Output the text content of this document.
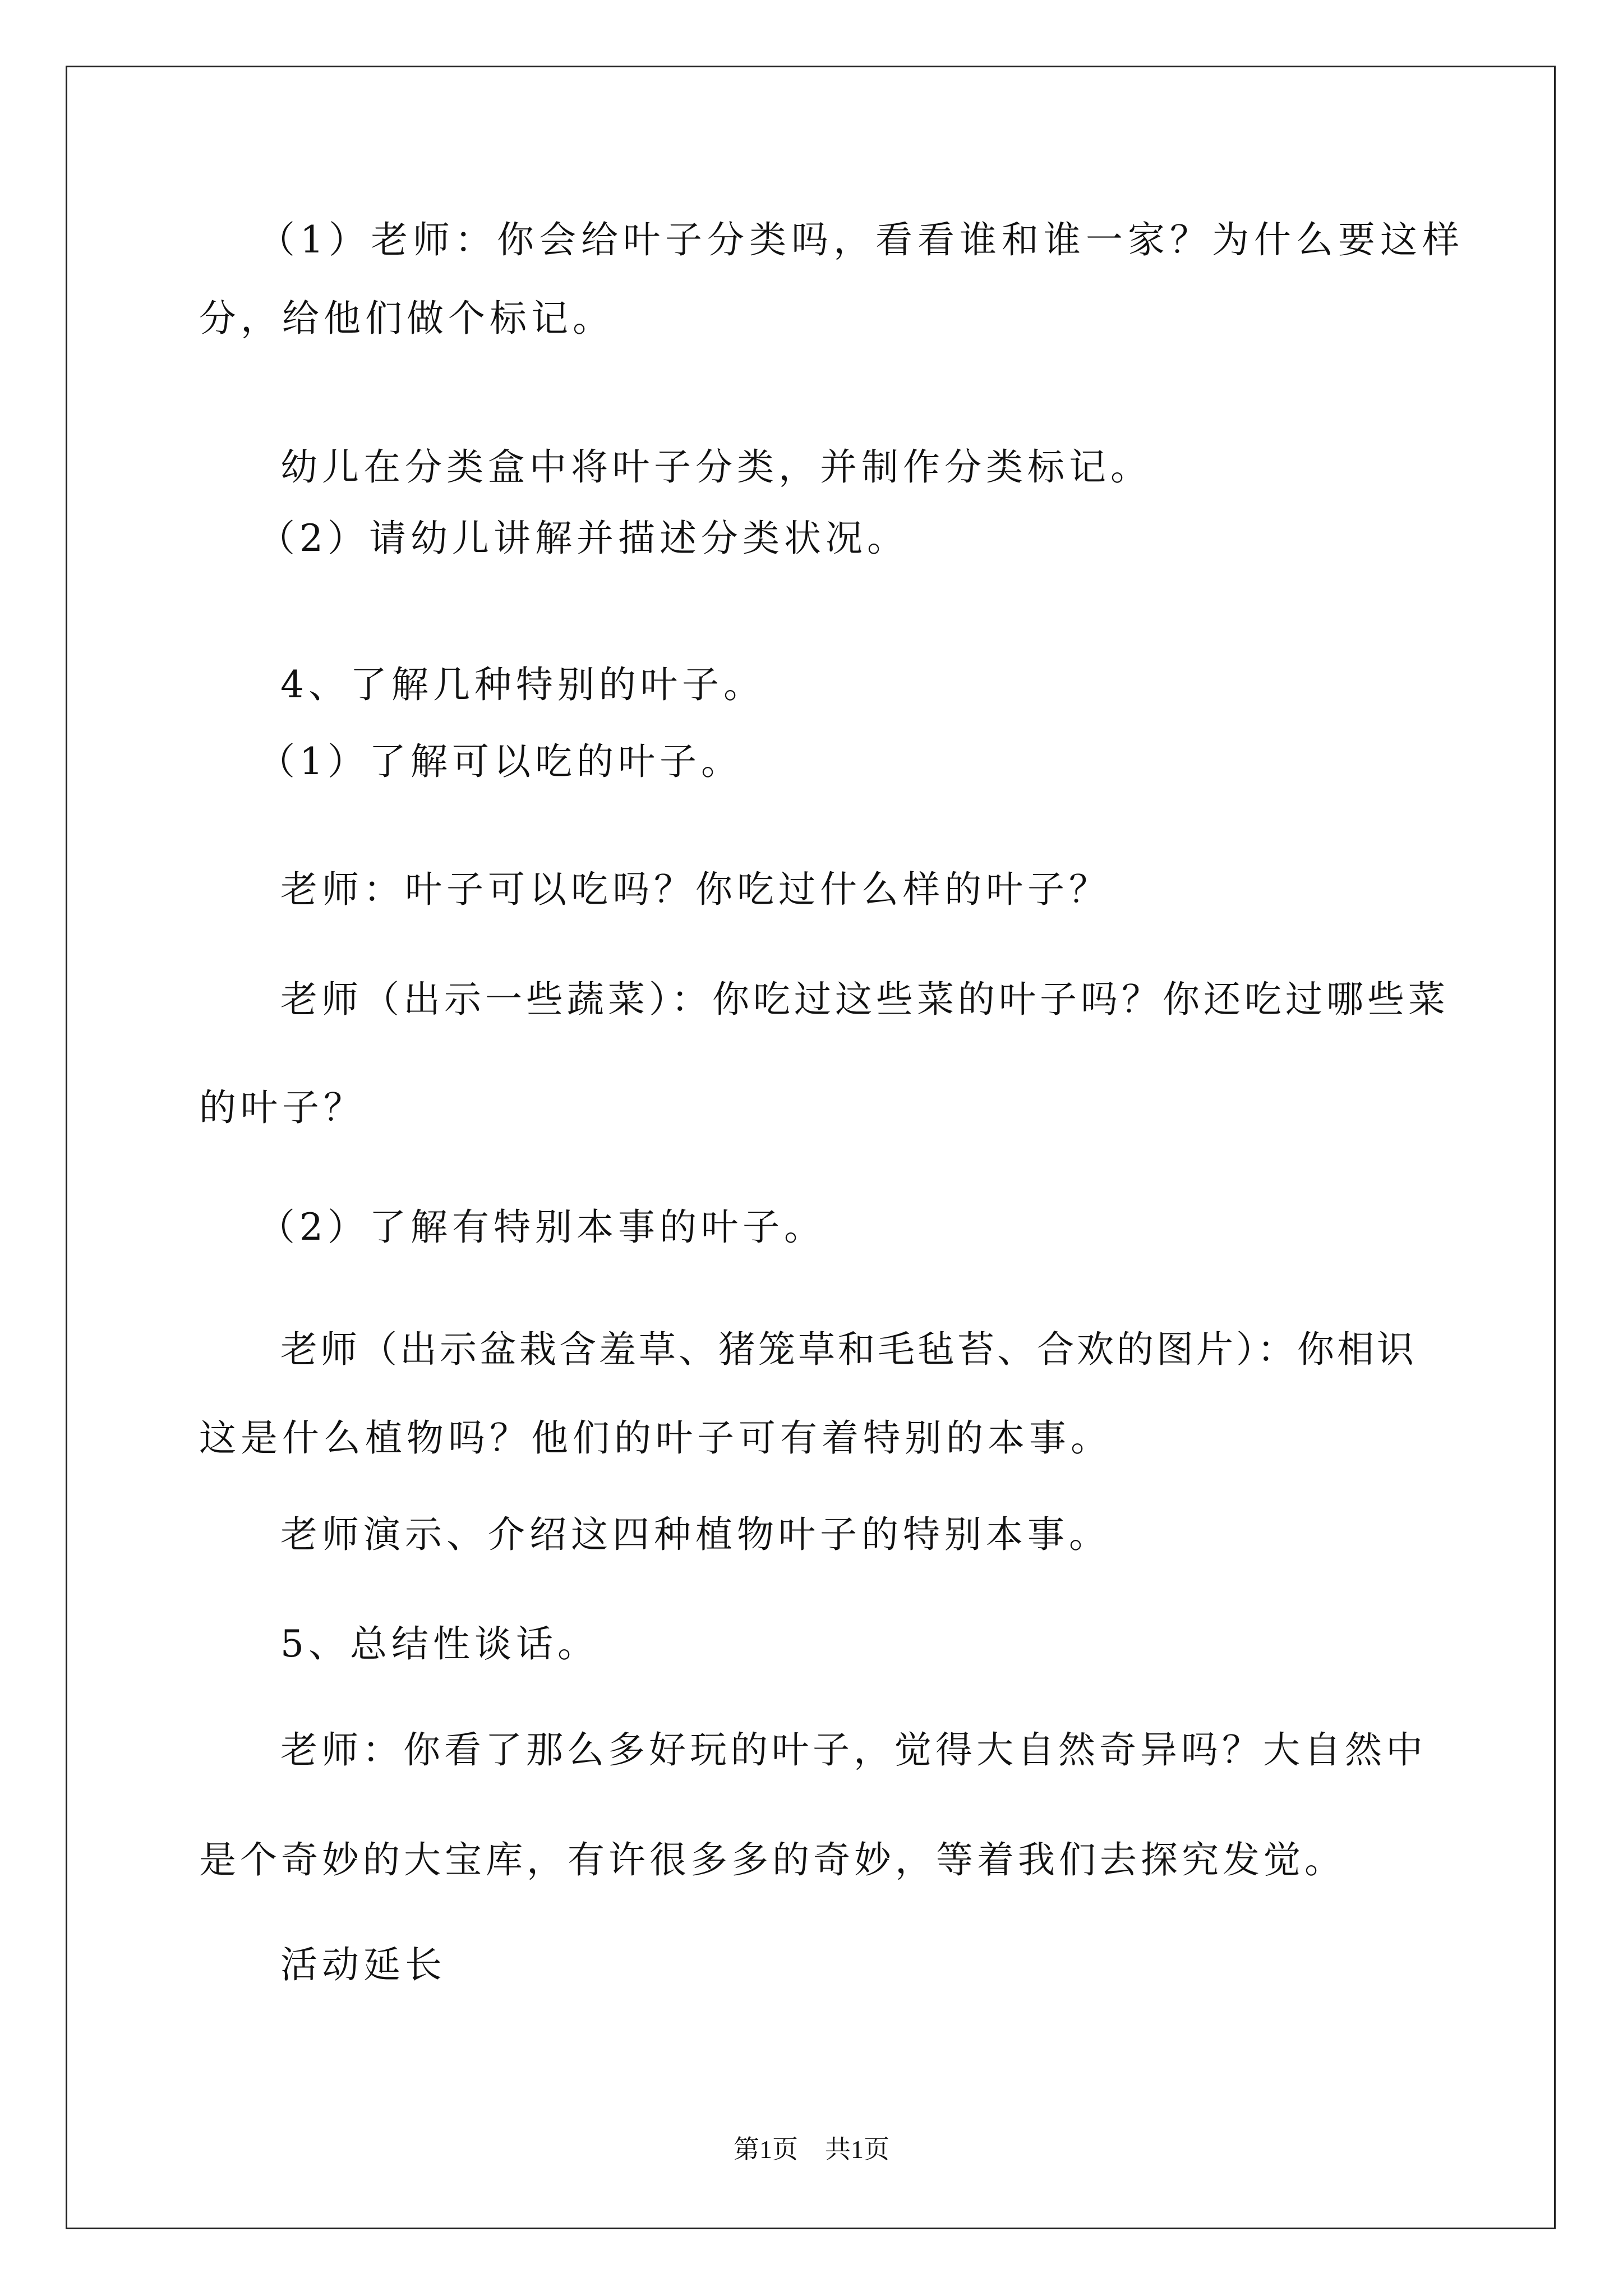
（1）老师：你会给叶子分类吗，看看谁和谁一家？为什么要这样
分，给他们做个标记。
幼儿在分类盒中将叶子分类，并制作分类标记。
（2）请幼儿讲解并描述分类状况。
4、了解几种特别的叶子。
（1）了解可以吃的叶子。
老师：叶子可以吃吗？你吃过什么样的叶子？
老师（出示一些蔬菜）：你吃过这些菜的叶子吗？你还吃过哪些菜
的叶子？
（2）了解有特别本事的叶子。
老师（出示盆栽含羞草、猪笼草和毛毡苔、合欢的图片）：你相识
这是什么植物吗？他们的叶子可有着特别的本事。
老师演示、介绍这四种植物叶子的特别本事。
5、总结性谈话。
老师：你看了那么多好玩的叶子，觉得大自然奇异吗？大自然中
是个奇妙的大宝库，有许很多多的奇妙，等着我们去探究发觉。
活动延长
第1页 共1页
